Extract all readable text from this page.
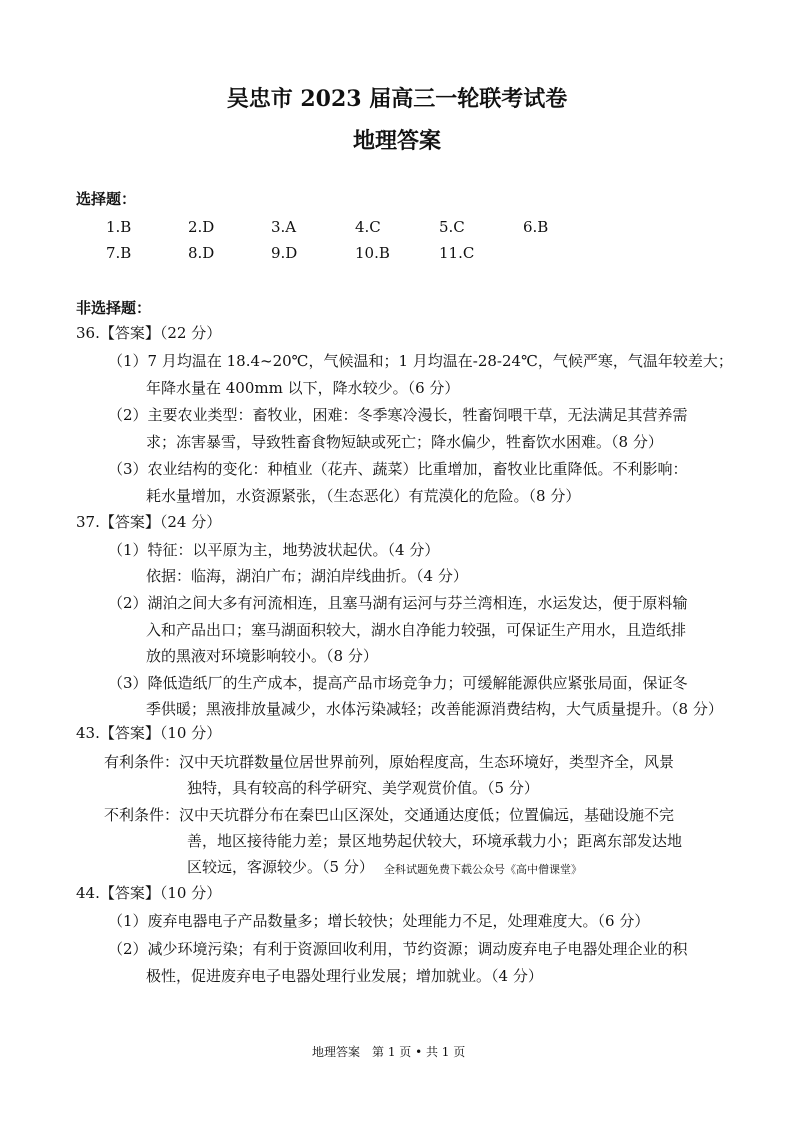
吴忠市 2023 届高三一轮联考试卷
地理答案
选择题：
1.B	2.D	3.A	4.C	5.C	6.B
7.B	8.D	9.D	10.B	11.C
非选择题：
36.【答案】（22 分）
（1）7 月均温在 18.4~20℃，气候温和；1 月均温在-28-24℃，气候严寒，气温年较差大；
年降水量在 400mm 以下，降水较少。（6 分）
（2）主要农业类型：畜牧业，困难：冬季寒冷漫长，牲畜饲喂干草，无法满足其营养需
求；冻害暴雪，导致牲畜食物短缺或死亡；降水偏少，牲畜饮水困难。（8 分）
（3）农业结构的变化：种植业（花卉、蔬菜）比重增加，畜牧业比重降低。不利影响：
耗水量增加，水资源紧张，（生态恶化）有荒漠化的危险。（8 分）
37.【答案】（24 分）
（1）特征：以平原为主，地势波状起伏。（4 分）
依据：临海，湖泊广布；湖泊岸线曲折。（4 分）
（2）湖泊之间大多有河流相连，且塞马湖有运河与芬兰湾相连，水运发达，便于原料输
入和产品出口；塞马湖面积较大，湖水自净能力较强，可保证生产用水，且造纸排
放的黑液对环境影响较小。（8 分）
（3）降低造纸厂的生产成本，提高产品市场竞争力；可缓解能源供应紧张局面，保证冬
季供暖；黑液排放量减少，水体污染减轻；改善能源消费结构，大气质量提升。（8 分）
43.【答案】（10 分）
有利条件：汉中天坑群数量位居世界前列，原始程度高，生态环境好，类型齐全，风景
独特，具有较高的科学研究、美学观赏价值。（5 分）
不利条件：汉中天坑群分布在秦巴山区深处，交通通达度低；位置偏远，基础设施不完
善，地区接待能力差；景区地势起伏较大，环境承载力小；距离东部发达地
区较远，客源较少。（5 分） 全科试题免费下载公众号《高中僧课堂》
44.【答案】（10 分）
（1）废弃电器电子产品数量多；增长较快；处理能力不足，处理难度大。（6 分）
（2）减少环境污染；有利于资源回收利用，节约资源；调动废弃电子电器处理企业的积
极性，促进废弃电子电器处理行业发展；增加就业。（4 分）
地理答案　第 1 页 • 共 1 页
